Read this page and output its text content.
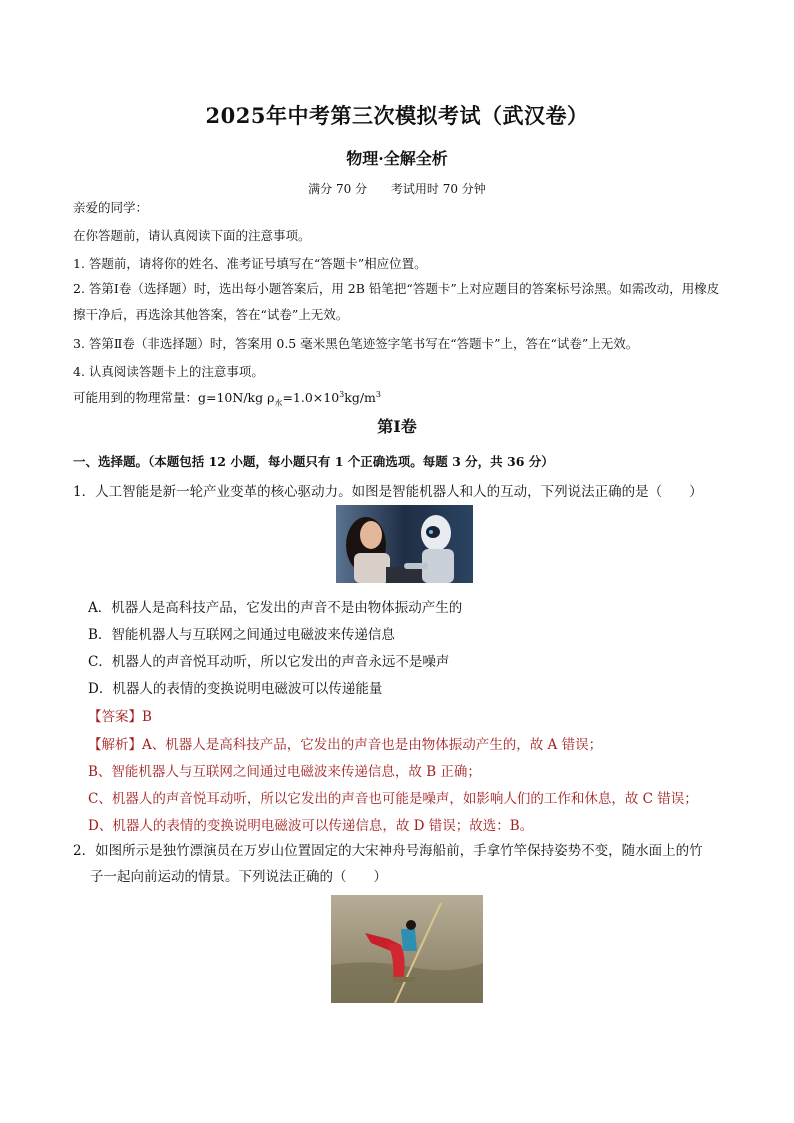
2025年中考第三次模拟考试（武汉卷）
物理·全解全析
满分 70 分 考试用时 70 分钟
亲爱的同学：
在你答题前，请认真阅读下面的注意事项。
1. 答题前，请将你的姓名、准考证号填写在“答题卡”相应位置。
2. 答第Ⅰ卷（选择题）时，选出每小题答案后，用 2B 铅笔把“答题卡”上对应题目的答案标号涂黑。如需改动，用橡皮擦干净后，再选涂其他答案，答在“试卷”上无效。
3. 答第Ⅱ卷（非选择题）时，答案用 0.5 毫米黑色笔迹签字笔书写在“答题卡”上，答在“试卷”上无效。
4. 认真阅读答题卡上的注意事项。
可能用到的物理常量：g=10N/kg $\rho_水=1.0\times 10^3kg/m^3$
第Ⅰ卷
一、选择题。（本题包括 12 小题，每小题只有 1 个正确选项。每题 3 分，共 36 分）
1．人工智能是新一轮产业变革的核心驱动力。如图是智能机器人和人的互动，下列说法正确的是（　　）
A．机器人是高科技产品，它发出的声音不是由物体振动产生的
B．智能机器人与互联网之间通过电磁波来传递信息
C．机器人的声音悦耳动听，所以它发出的声音永远不是噪声
D．机器人的表情的变换说明电磁波可以传递能量
【答案】B
【解析】A、机器人是高科技产品，它发出的声音也是由物体振动产生的，故 A 错误；
B、智能机器人与互联网之间通过电磁波来传递信息，故 B 正确；
C、机器人的声音悦耳动听，所以它发出的声音也可能是噪声，如影响人们的工作和休息，故 C 错误；
D、机器人的表情的变换说明电磁波可以传递信息，故 D 错误；故选：B。
2．如图所示是独竹漂演员在万岁山位置固定的大宋神舟号海船前，手拿竹竿保持姿势不变，随水面上的竹
子一起向前运动的情景。下列说法正确的（　　）
